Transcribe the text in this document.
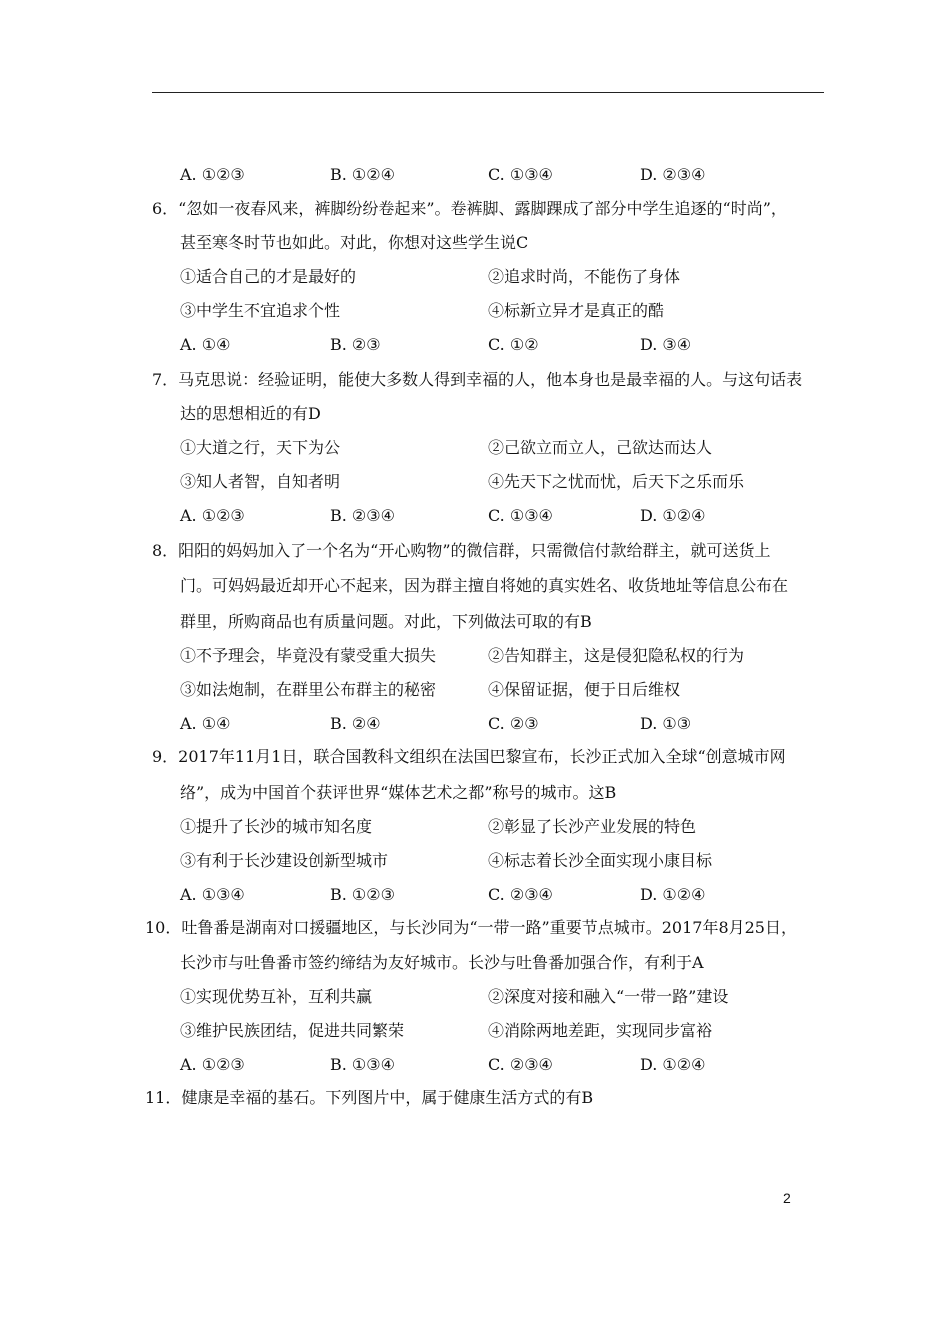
A. ①②③	B. ①②④	C. ①③④	D. ②③④
6．“忽如一夜春风来，裤脚纷纷卷起来”。卷裤脚、露脚踝成了部分中学生追逐的“时尚”，
甚至寒冬时节也如此。对此，你想对这些学生说C
①适合自己的才是最好的	②追求时尚，不能伤了身体
③中学生不宜追求个性	④标新立异才是真正的酷
A. ①④	B. ②③	C. ①②	D. ③④
7．马克思说：经验证明，能使大多数人得到幸福的人，他本身也是最幸福的人。与这句话表
达的思想相近的有D
①大道之行，天下为公	②己欲立而立人，己欲达而达人
③知人者智，自知者明	④先天下之忧而忧，后天下之乐而乐
A. ①②③	B. ②③④	C. ①③④	D. ①②④
8．阳阳的妈妈加入了一个名为“开心购物”的微信群，只需微信付款给群主，就可送货上
门。可妈妈最近却开心不起来，因为群主擅自将她的真实姓名、收货地址等信息公布在
群里，所购商品也有质量问题。对此，下列做法可取的有B
①不予理会，毕竟没有蒙受重大损失	②告知群主，这是侵犯隐私权的行为
③如法炮制，在群里公布群主的秘密	④保留证据，便于日后维权
A. ①④	B. ②④	C. ②③	D. ①③
9．2017年11月1日，联合国教科文组织在法国巴黎宣布，长沙正式加入全球“创意城市网
络”，成为中国首个获评世界“媒体艺术之都”称号的城市。这B
①提升了长沙的城市知名度	②彰显了长沙产业发展的特色
③有利于长沙建设创新型城市	④标志着长沙全面实现小康目标
A. ①③④	B. ①②③	C. ②③④	D. ①②④
10．吐鲁番是湖南对口援疆地区，与长沙同为“一带一路”重要节点城市。2017年8月25日，
长沙市与吐鲁番市签约缔结为友好城市。长沙与吐鲁番加强合作，有利于A
①实现优势互补，互利共赢	②深度对接和融入“一带一路”建设
③维护民族团结，促进共同繁荣	④消除两地差距，实现同步富裕
A. ①②③	B. ①③④	C. ②③④	D. ①②④
11．健康是幸福的基石。下列图片中，属于健康生活方式的有B
2
